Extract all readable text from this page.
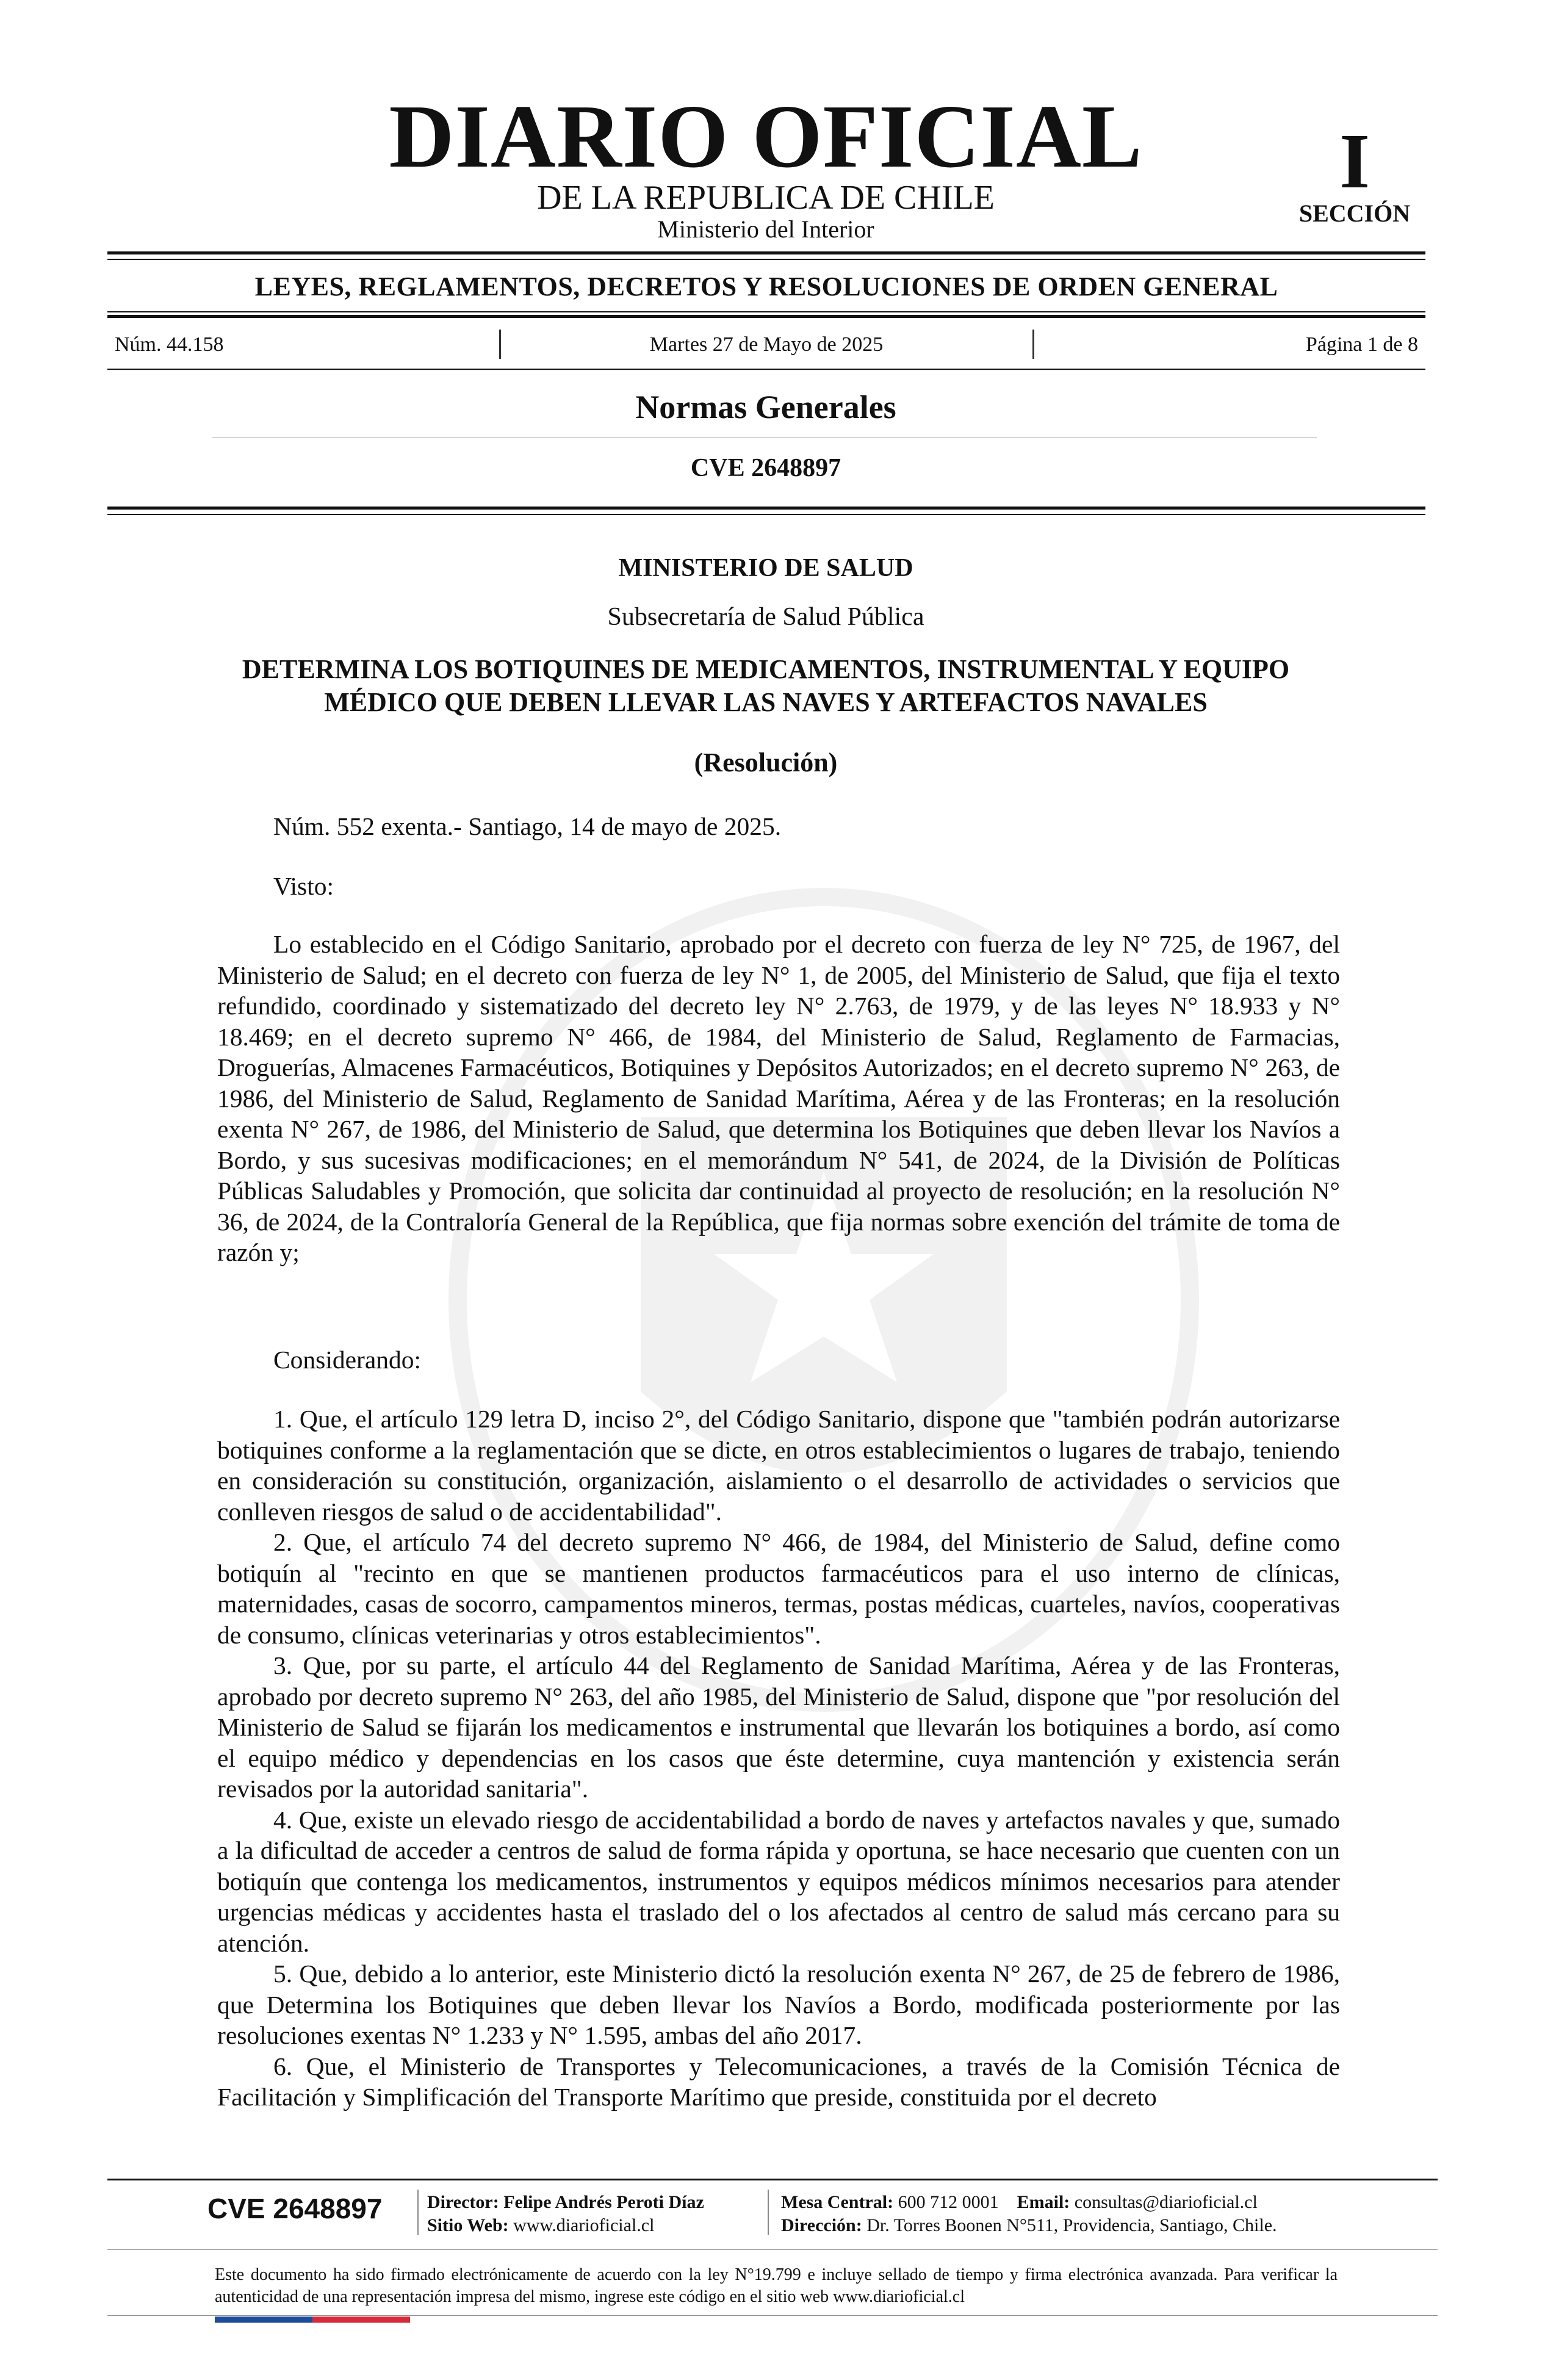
DIARIO OFICIAL
DE LA REPUBLICA DE CHILE
Ministerio del Interior
I
SECCIÓN
LEYES, REGLAMENTOS, DECRETOS Y RESOLUCIONES DE ORDEN GENERAL
Núm. 44.158	Martes 27 de Mayo de 2025	Página 1 de 8
Normas Generales
CVE 2648897
MINISTERIO DE SALUD
Subsecretaría de Salud Pública
DETERMINA LOS BOTIQUINES DE MEDICAMENTOS, INSTRUMENTAL Y EQUIPO MÉDICO QUE DEBEN LLEVAR LAS NAVES Y ARTEFACTOS NAVALES
(Resolución)
Núm. 552 exenta.- Santiago, 14 de mayo de 2025.
Visto:

Lo establecido en el Código Sanitario, aprobado por el decreto con fuerza de ley N° 725, de 1967, del Ministerio de Salud; en el decreto con fuerza de ley N° 1, de 2005, del Ministerio de Salud, que fija el texto refundido, coordinado y sistematizado del decreto ley N° 2.763, de 1979, y de las leyes N° 18.933 y N° 18.469; en el decreto supremo N° 466, de 1984, del Ministerio de Salud, Reglamento de Farmacias, Droguerías, Almacenes Farmacéuticos, Botiquines y Depósitos Autorizados; en el decreto supremo N° 263, de 1986, del Ministerio de Salud, Reglamento de Sanidad Marítima, Aérea y de las Fronteras; en la resolución exenta N° 267, de 1986, del Ministerio de Salud, que determina los Botiquines que deben llevar los Navíos a Bordo, y sus sucesivas modificaciones; en el memorándum N° 541, de 2024, de la División de Políticas Públicas Saludables y Promoción, que solicita dar continuidad al proyecto de resolución; en la resolución N° 36, de 2024, de la Contraloría General de la República, que fija normas sobre exención del trámite de toma de razón y;

Considerando:

1. Que, el artículo 129 letra D, inciso 2°, del Código Sanitario, dispone que "también podrán autorizarse botiquines conforme a la reglamentación que se dicte, en otros establecimientos o lugares de trabajo, teniendo en consideración su constitución, organización, aislamiento o el desarrollo de actividades o servicios que conlleven riesgos de salud o de accidentabilidad".

2. Que, el artículo 74 del decreto supremo N° 466, de 1984, del Ministerio de Salud, define como botiquín al "recinto en que se mantienen productos farmacéuticos para el uso interno de clínicas, maternidades, casas de socorro, campamentos mineros, termas, postas médicas, cuarteles, navíos, cooperativas de consumo, clínicas veterinarias y otros establecimientos".

3. Que, por su parte, el artículo 44 del Reglamento de Sanidad Marítima, Aérea y de las Fronteras, aprobado por decreto supremo N° 263, del año 1985, del Ministerio de Salud, dispone que "por resolución del Ministerio de Salud se fijarán los medicamentos e instrumental que llevarán los botiquines a bordo, así como el equipo médico y dependencias en los casos que éste determine, cuya mantención y existencia serán revisados por la autoridad sanitaria".

4. Que, existe un elevado riesgo de accidentabilidad a bordo de naves y artefactos navales y que, sumado a la dificultad de acceder a centros de salud de forma rápida y oportuna, se hace necesario que cuenten con un botiquín que contenga los medicamentos, instrumentos y equipos médicos mínimos necesarios para atender urgencias médicas y accidentes hasta el traslado del o los afectados al centro de salud más cercano para su atención.

5. Que, debido a lo anterior, este Ministerio dictó la resolución exenta N° 267, de 25 de febrero de 1986, que Determina los Botiquines que deben llevar los Navíos a Bordo, modificada posteriormente por las resoluciones exentas N° 1.233 y N° 1.595, ambas del año 2017.

6. Que, el Ministerio de Transportes y Telecomunicaciones, a través de la Comisión Técnica de Facilitación y Simplificación del Transporte Marítimo que preside, constituida por el decreto

CVE 2648897	Director: Felipe Andrés Peroti Díaz
Sitio Web: www.diarioficial.cl
Mesa Central: 600 712 0001 Email: consultas@diarioficial.cl
Dirección: Dr. Torres Boonen N°511, Providencia, Santiago, Chile.
Este documento ha sido firmado electrónicamente de acuerdo con la ley N°19.799 e incluye sellado de tiempo y firma electrónica avanzada. Para verificar la autenticidad de una representación impresa del mismo, ingrese este código en el sitio web www.diarioficial.cl
